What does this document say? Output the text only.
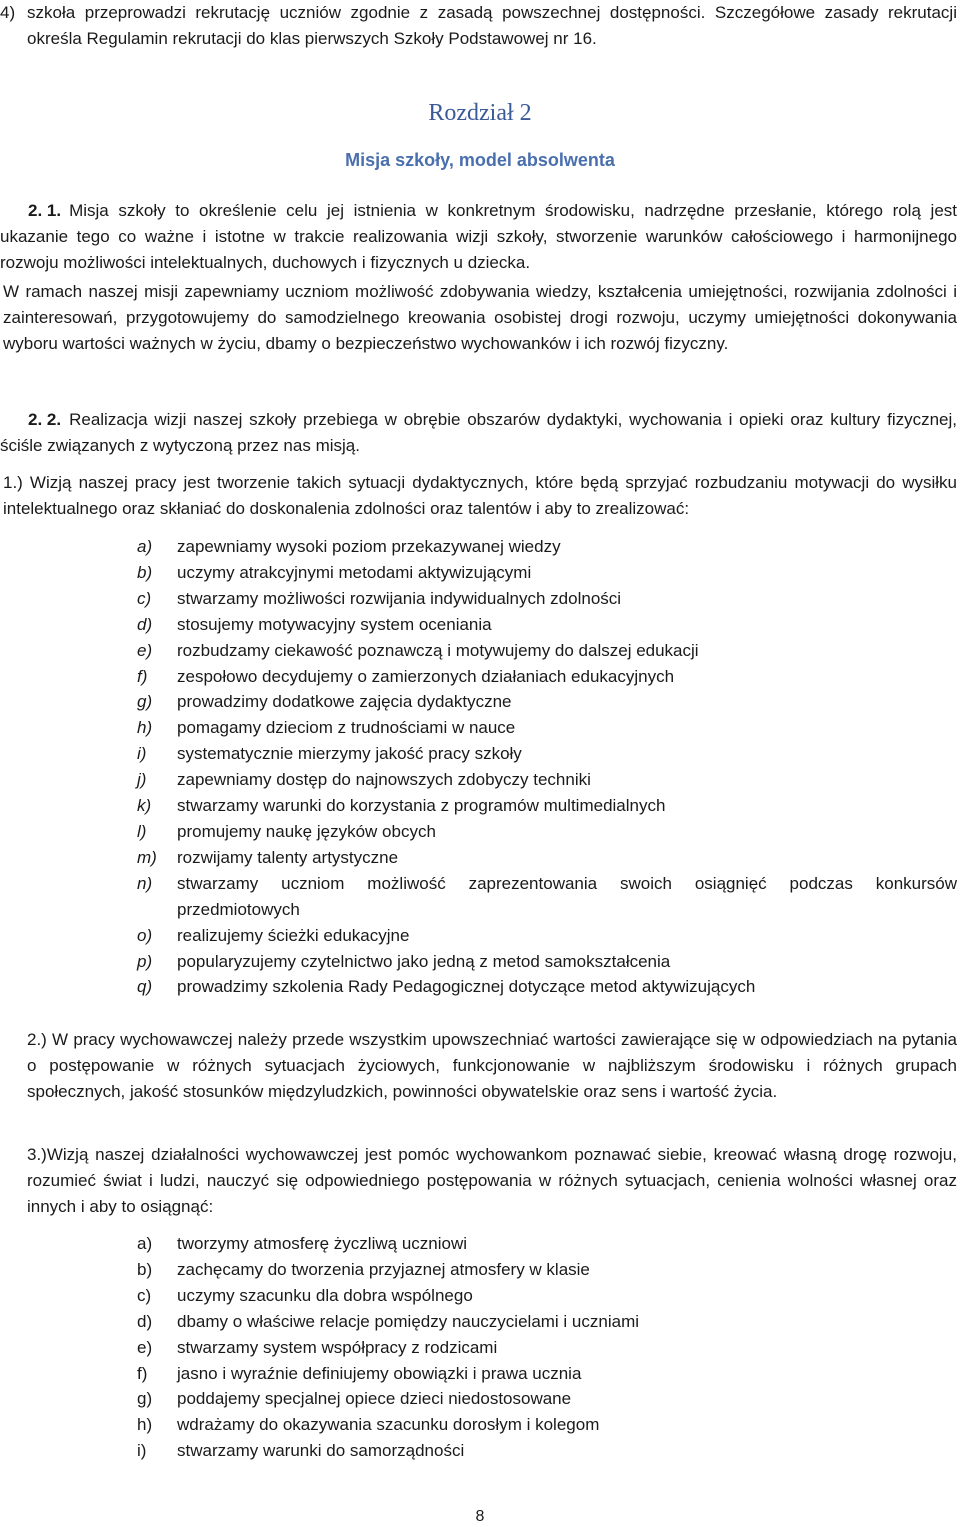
4) szkoła przeprowadzi rekrutację uczniów zgodnie z zasadą powszechnej dostępności. Szczegółowe zasady rekrutacji określa Regulamin rekrutacji do klas pierwszych Szkoły Podstawowej nr 16.

Rozdział 2
Misja szkoły, model absolwenta

2. 1. Misja szkoły to określenie celu jej istnienia w konkretnym środowisku, nadrzędne przesłanie, którego rolą jest ukazanie tego co ważne i istotne w trakcie realizowania wizji szkoły, stworzenie warunków całościowego i harmonijnego rozwoju możliwości intelektualnych, duchowych i fizycznych u dziecka.

W ramach naszej misji zapewniamy uczniom możliwość zdobywania wiedzy, kształcenia umiejętności, rozwijania zdolności i zainteresowań, przygotowujemy do samodzielnego kreowania osobistej drogi rozwoju, uczymy umiejętności dokonywania wyboru wartości ważnych w życiu, dbamy o bezpieczeństwo wychowanków i ich rozwój fizyczny.

2. 2. Realizacja wizji naszej szkoły przebiega w obrębie obszarów dydaktyki, wychowania i opieki oraz kultury fizycznej, ściśle związanych z wytyczoną przez nas misją.

1.) Wizją naszej pracy jest tworzenie takich sytuacji dydaktycznych, które będą sprzyjać rozbudzaniu motywacji do wysiłku intelektualnego oraz skłaniać do doskonalenia zdolności oraz talentów i aby to zrealizować:

a) zapewniamy wysoki poziom przekazywanej wiedzy
b) uczymy atrakcyjnymi metodami aktywizującymi
c) stwarzamy możliwości rozwijania indywidualnych zdolności
d) stosujemy motywacyjny system oceniania
e) rozbudzamy ciekawość poznawczą i motywujemy do dalszej edukacji
f) zespołowo decydujemy o zamierzonych działaniach edukacyjnych
g) prowadzimy dodatkowe zajęcia dydaktyczne
h) pomagamy dzieciom z trudnościami w nauce
i) systematycznie mierzymy jakość pracy szkoły
j) zapewniamy dostęp do najnowszych zdobyczy techniki
k) stwarzamy warunki do korzystania z programów multimedialnych
l) promujemy naukę języków obcych
m) rozwijamy talenty artystyczne
n) stwarzamy uczniom możliwość zaprezentowania swoich osiągnięć podczas konkursów przedmiotowych
o) realizujemy ścieżki edukacyjne
p) popularyzujemy czytelnictwo jako jedną z metod samokształcenia
q) prowadzimy szkolenia Rady Pedagogicznej dotyczące metod aktywizujących

2.) W pracy wychowawczej należy przede wszystkim upowszechniać wartości zawierające się w odpowiedziach na pytania o postępowanie w różnych sytuacjach życiowych, funkcjonowanie w najbliższym środowisku i różnych grupach społecznych, jakość stosunków międzyludzkich, powinności obywatelskie oraz sens i wartość życia.

3.)Wizją naszej działalności wychowawczej jest pomóc wychowankom poznawać siebie, kreować własną drogę rozwoju, rozumieć świat i ludzi, nauczyć się odpowiedniego postępowania w różnych sytuacjach, cenienia wolności własnej oraz innych i aby to osiągnąć:

a) tworzymy atmosferę życzliwą uczniowi
b) zachęcamy do tworzenia przyjaznej atmosfery w klasie
c) uczymy szacunku dla dobra wspólnego
d) dbamy o właściwe relacje pomiędzy nauczycielami i uczniami
e) stwarzamy system współpracy z rodzicami
f) jasno i wyraźnie definiujemy obowiązki i prawa ucznia
g) poddajemy specjalnej opiece dzieci niedostosowane
h) wdrażamy do okazywania szacunku dorosłym i kolegom
i) stwarzamy warunki do samorządności
8
